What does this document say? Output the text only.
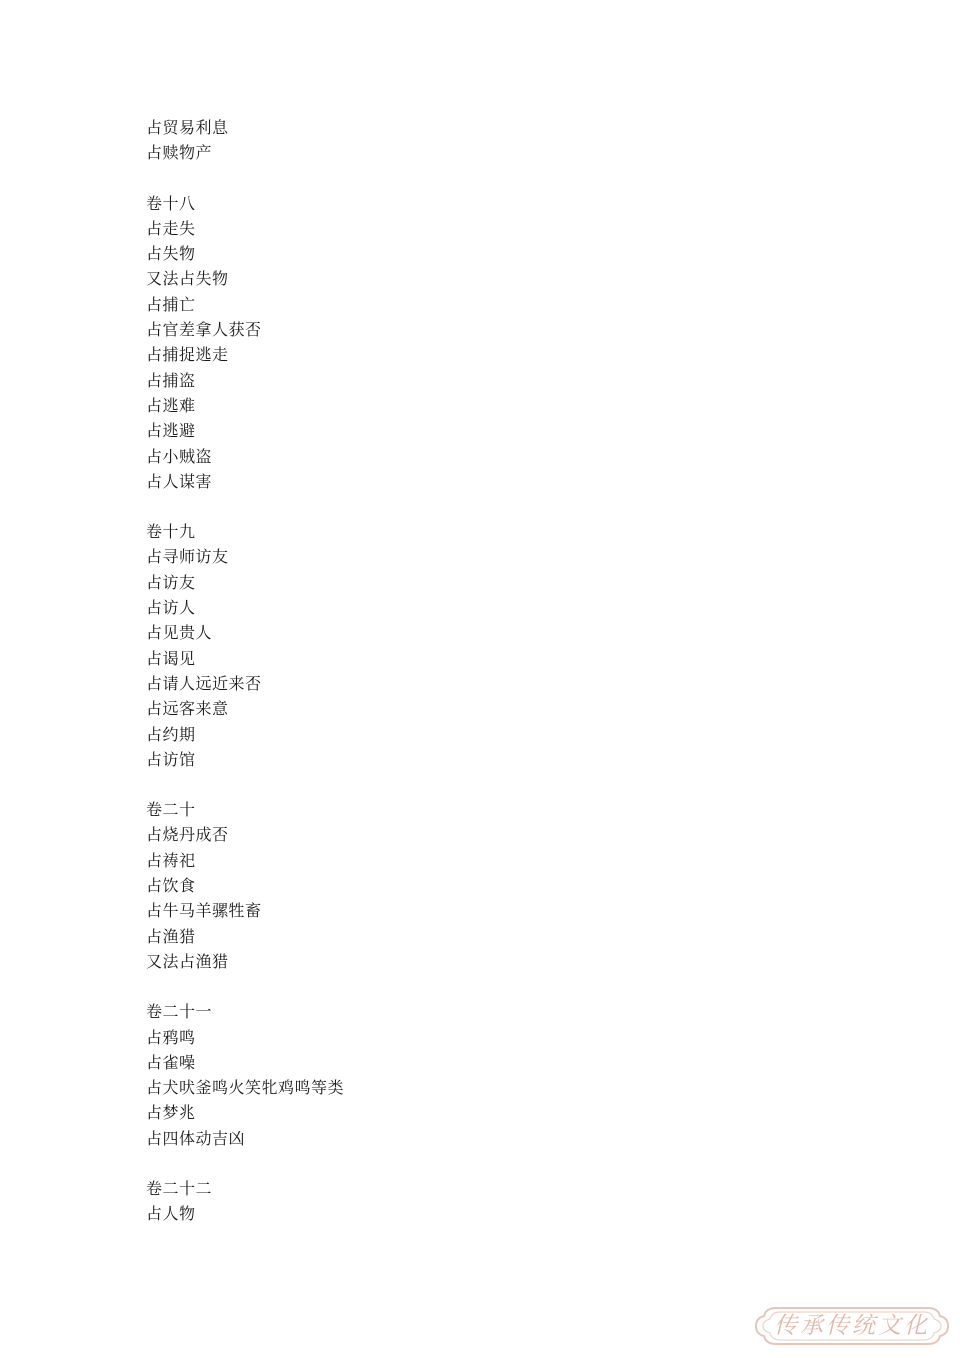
占贸易利息
占赎物产
卷十八
占走失
占失物
又法占失物
占捕亡
占官差拿人获否
占捕捉逃走
占捕盗
占逃难
占逃避
占小贼盗
占人谋害
卷十九
占寻师访友
占访友
占访人
占见贵人
占谒见
占请人远近来否
占远客来意
占约期
占访馆
卷二十
占烧丹成否
占祷祀
占饮食
占牛马羊骡牲畜
占渔猎
又法占渔猎
卷二十一
占鸦鸣
占雀噪
占犬吠釜鸣火笑牝鸡鸣等类
占梦兆
占四体动吉凶
卷二十二
占人物
传承传统文化
